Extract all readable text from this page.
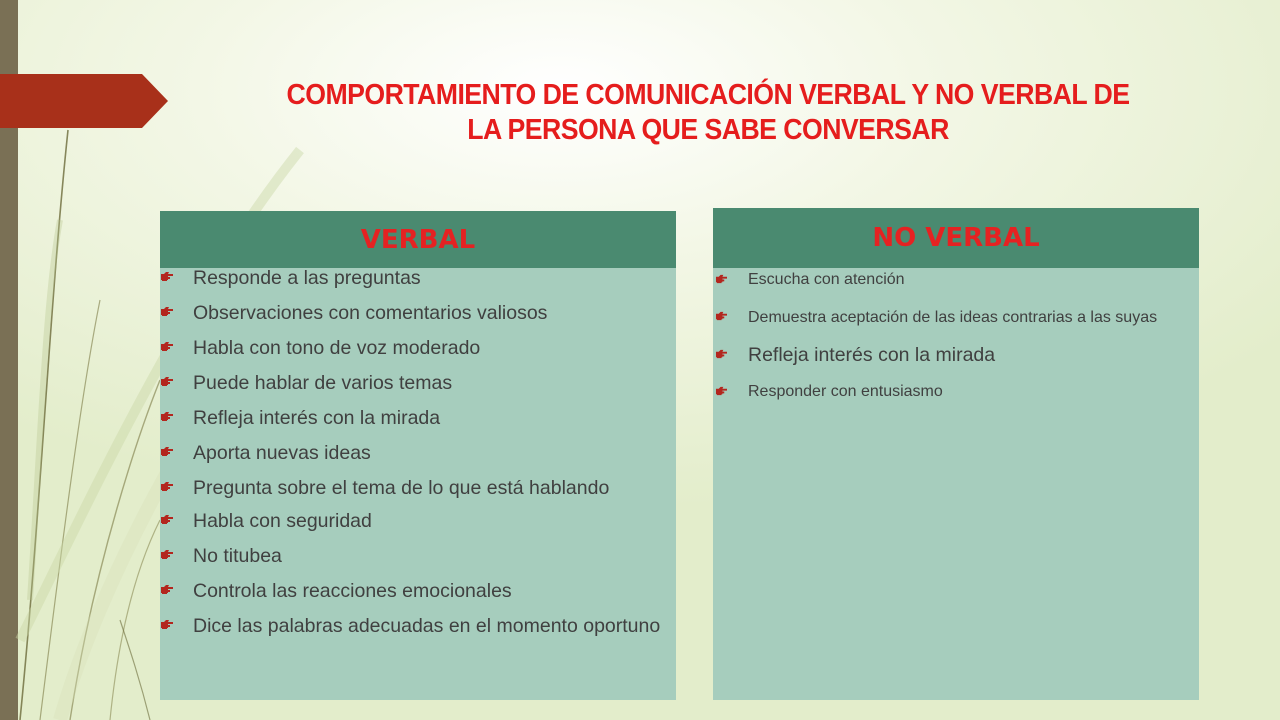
COMPORTAMIENTO DE COMUNICACIÓN VERBAL Y NO VERBAL DE
LA PERSONA QUE SABE CONVERSAR
VERBAL
Responde a las preguntas
Observaciones con comentarios valiosos
Habla con tono de voz moderado
Puede hablar de varios temas
Refleja interés con la mirada
Aporta nuevas ideas
Pregunta sobre el tema de lo que está hablando
Habla con seguridad
No titubea
Controla las reacciones emocionales
Dice las palabras adecuadas en el momento oportuno
NO VERBAL
Escucha con atención
Demuestra aceptación de las ideas contrarias a las suyas
Refleja interés con la mirada
Responder con entusiasmo
